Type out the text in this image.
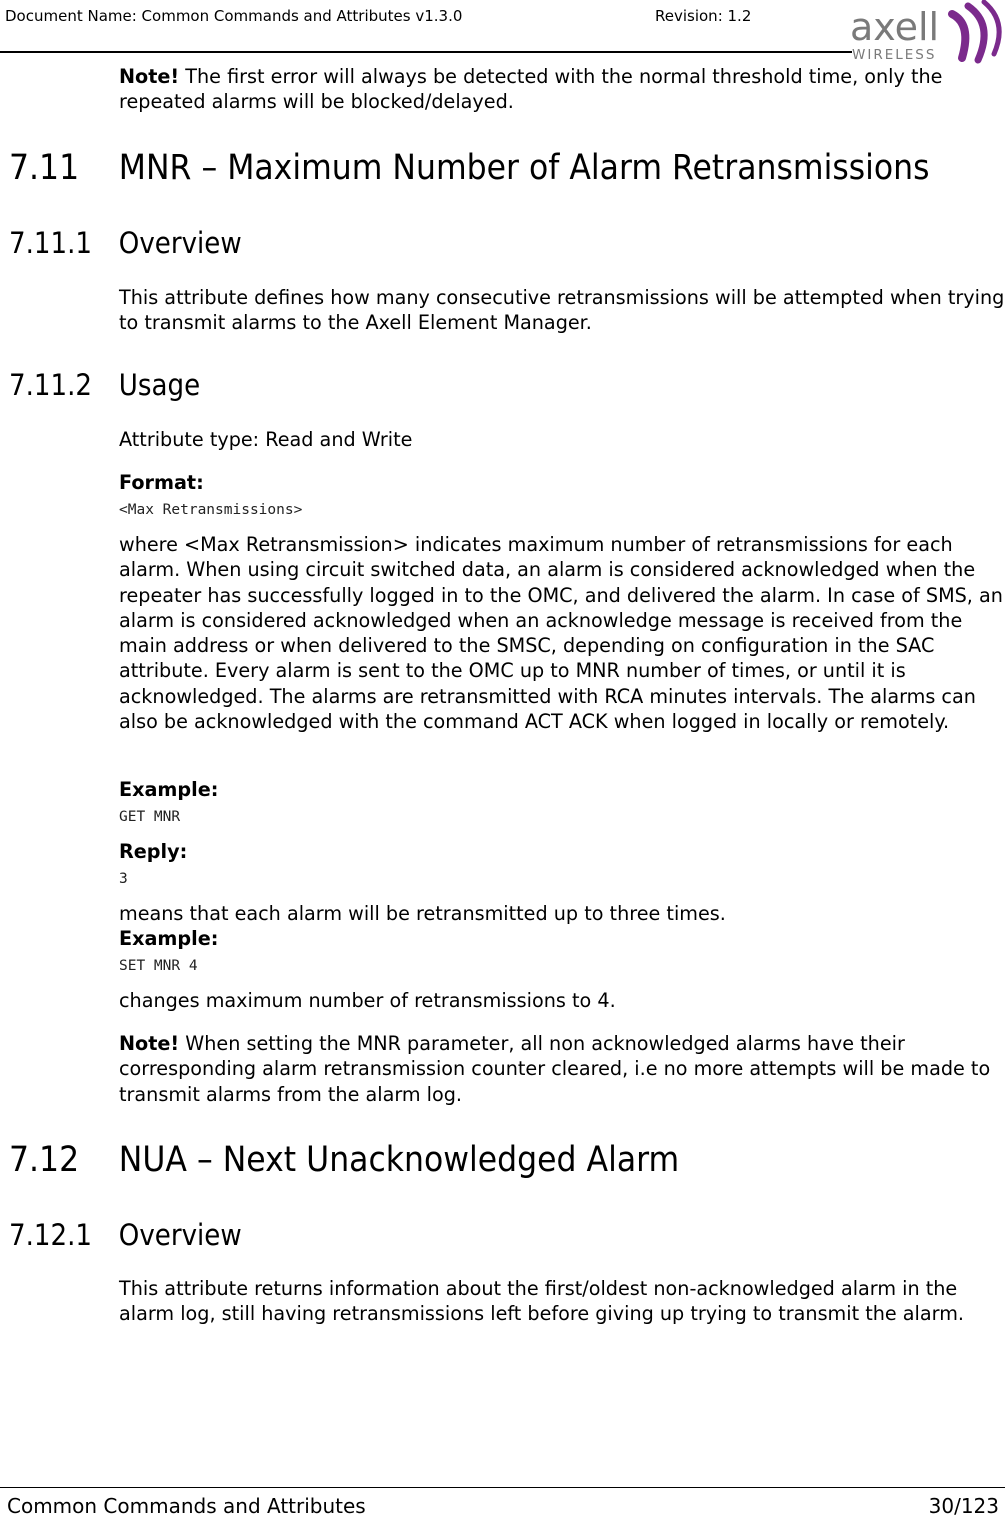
Document Name: Common Commands and Attributes v1.3.0	Revision: 1.2	axell
WIRELESS
Note! The first error will always be detected with the normal threshold time, only the repeated alarms will be blocked/delayed.
7.11 MNR – Maximum Number of Alarm Retransmissions
7.11.1 Overview
This attribute defines how many consecutive retransmissions will be attempted when trying to transmit alarms to the Axell Element Manager.
7.11.2 Usage
Attribute type: Read and Write
Format:
<Max Retransmissions>
where <Max Retransmission> indicates maximum number of retransmissions for each alarm. When using circuit switched data, an alarm is considered acknowledged when the repeater has successfully logged in to the OMC, and delivered the alarm. In case of SMS, an alarm is considered acknowledged when an acknowledge message is received from the main address or when delivered to the SMSC, depending on configuration in the SAC attribute. Every alarm is sent to the OMC up to MNR number of times, or until it is acknowledged. The alarms are retransmitted with RCA minutes intervals. The alarms can also be acknowledged with the command ACT ACK when logged in locally or remotely.
Example:
GET MNR
Reply:
3
means that each alarm will be retransmitted up to three times.
Example:
SET MNR 4
changes maximum number of retransmissions to 4.
Note! When setting the MNR parameter, all non acknowledged alarms have their corresponding alarm retransmission counter cleared, i.e no more attempts will be made to transmit alarms from the alarm log.
7.12 NUA – Next Unacknowledged Alarm
7.12.1 Overview
This attribute returns information about the first/oldest non-acknowledged alarm in the alarm log, still having retransmissions left before giving up trying to transmit the alarm.
Common Commands and Attributes	30/123
